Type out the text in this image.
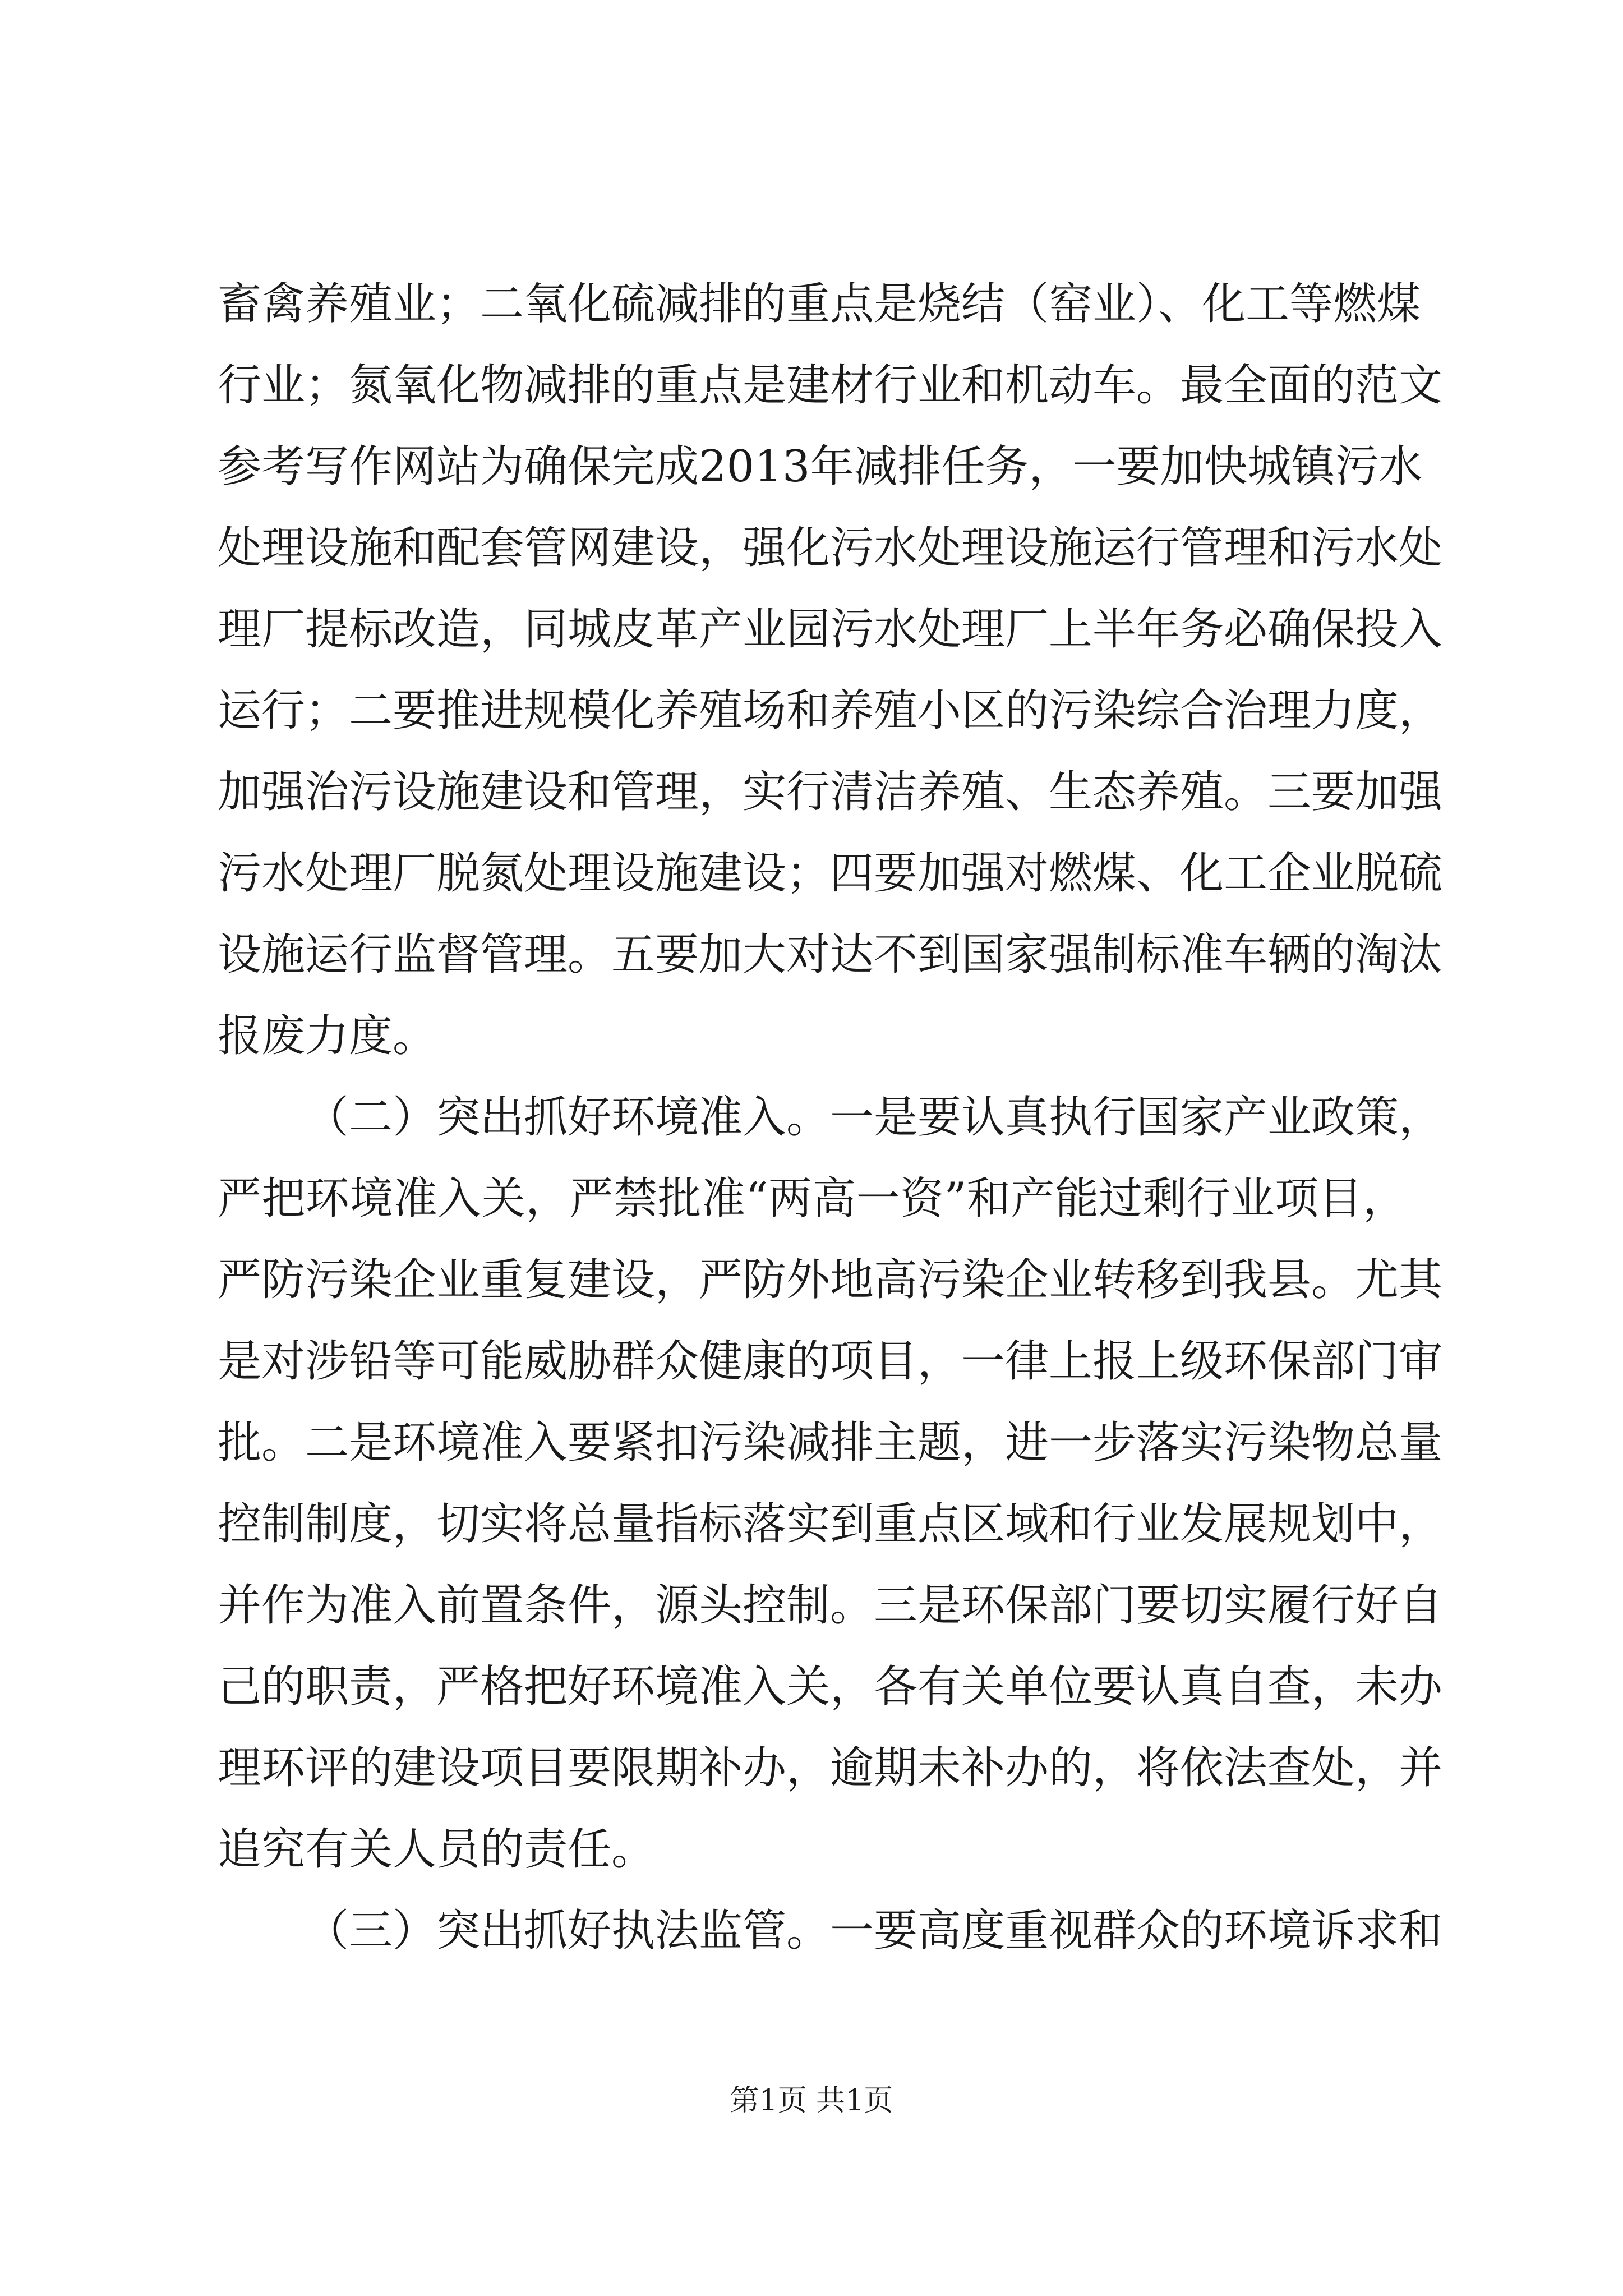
畜禽养殖业；二氧化硫减排的重点是烧结（窑业）、化工等燃煤
行业；氮氧化物减排的重点是建材行业和机动车。最全面的范文
参考写作网站为确保完成2013年减排任务，一要加快城镇污水
处理设施和配套管网建设，强化污水处理设施运行管理和污水处
理厂提标改造，同城皮革产业园污水处理厂上半年务必确保投入
运行；二要推进规模化养殖场和养殖小区的污染综合治理力度，
加强治污设施建设和管理，实行清洁养殖、生态养殖。三要加强
污水处理厂脱氮处理设施建设；四要加强对燃煤、化工企业脱硫
设施运行监督管理。五要加大对达不到国家强制标准车辆的淘汰
报废力度。
（二）突出抓好环境准入。一是要认真执行国家产业政策，
严把环境准入关，严禁批准“两高一资”和产能过剩行业项目，
严防污染企业重复建设，严防外地高污染企业转移到我县。尤其
是对涉铅等可能威胁群众健康的项目，一律上报上级环保部门审
批。二是环境准入要紧扣污染减排主题，进一步落实污染物总量
控制制度，切实将总量指标落实到重点区域和行业发展规划中，
并作为准入前置条件，源头控制。三是环保部门要切实履行好自
己的职责，严格把好环境准入关，各有关单位要认真自查，未办
理环评的建设项目要限期补办，逾期未补办的，将依法查处，并
追究有关人员的责任。
（三）突出抓好执法监管。一要高度重视群众的环境诉求和
第1页 共1页
